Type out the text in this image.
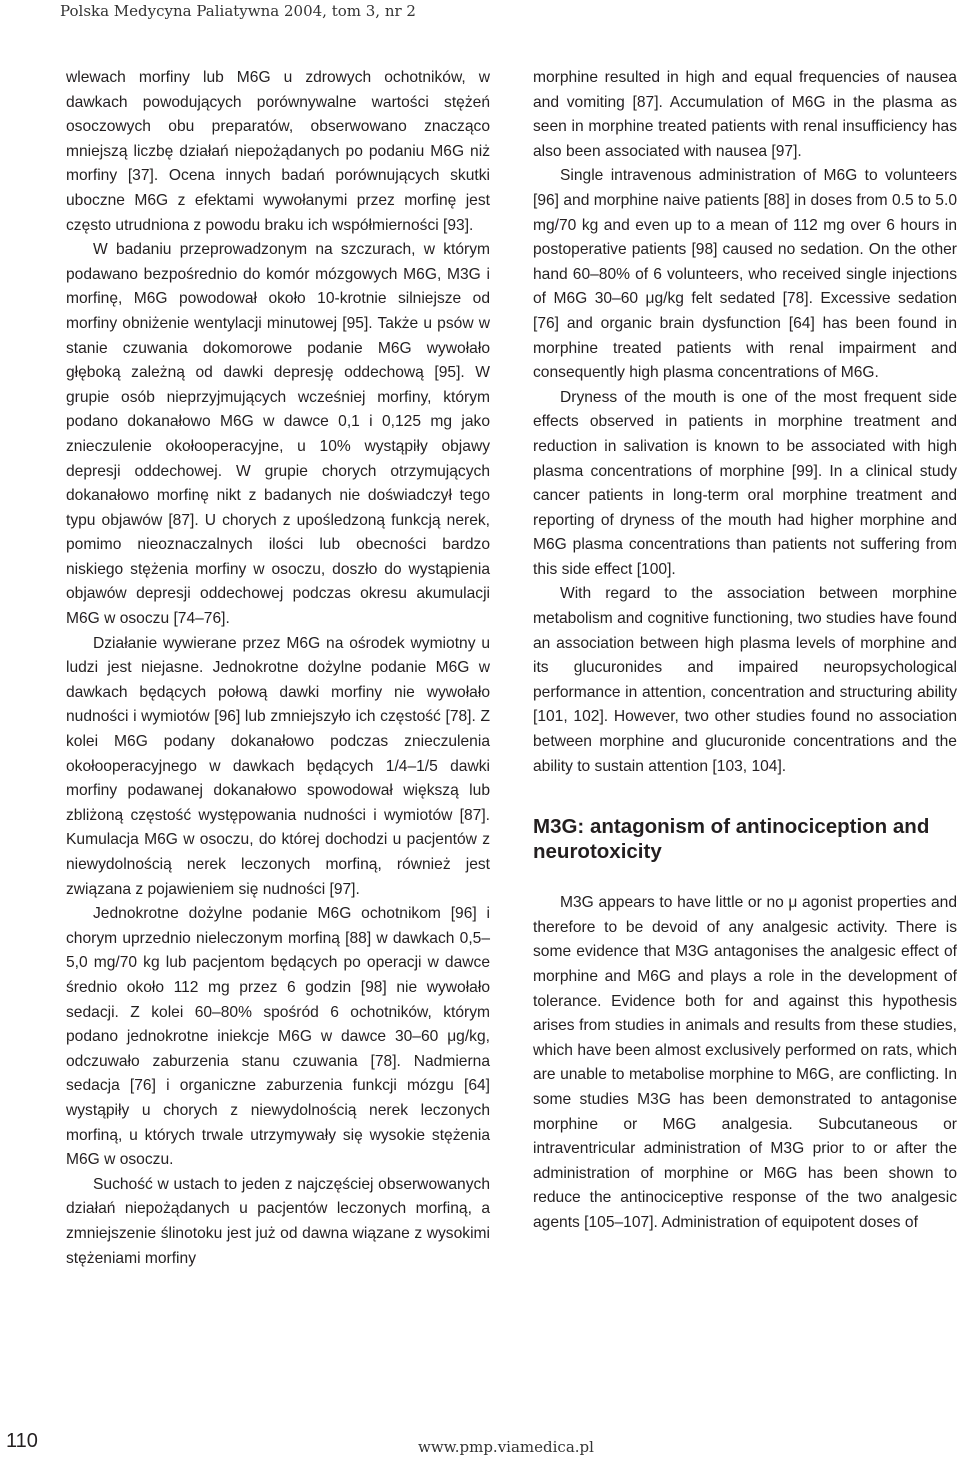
Polska Medycyna Paliatywna 2004, tom 3, nr 2

wlewach morfiny lub M6G u zdrowych ochotników, w dawkach powodujących porównywalne wartości stężeń osoczowych obu preparatów, obserwowano znacząco mniejszą liczbę działań niepożądanych po podaniu M6G niż morfiny [37]. Ocena innych badań porównujących skutki uboczne M6G z efektami wywołanymi przez morfinę jest często utrudniona z powodu braku ich współmierności [93].

W badaniu przeprowadzonym na szczurach, w którym podawano bezpośrednio do komór mózgowych M6G, M3G i morfinę, M6G powodował około 10-krotnie silniejsze od morfiny obniżenie wentylacji minutowej [95]. Także u psów w stanie czuwania dokomorowe podanie M6G wywołało głęboką zależną od dawki depresję oddechową [95]. W grupie osób nieprzyjmujących wcześniej morfiny, którym podano dokanałowo M6G w dawce 0,1 i 0,125 mg jako znieczulenie okołooperacyjne, u 10% wystąpiły objawy depresji oddechowej. W grupie chorych otrzymujących dokanałowo morfinę nikt z badanych nie doświadczył tego typu objawów [87]. U chorych z upośledzoną funkcją nerek, pomimo nieoznaczalnych ilości lub obecności bardzo niskiego stężenia morfiny w osoczu, doszło do wystąpienia objawów depresji oddechowej podczas okresu akumulacji M6G w osoczu [74–76].

Działanie wywierane przez M6G na ośrodek wymiotny u ludzi jest niejasne. Jednokrotne dożylne podanie M6G w dawkach będących połową dawki morfiny nie wywołało nudności i wymiotów [96] lub zmniejszyło ich częstość [78]. Z kolei M6G podany dokanałowo podczas znieczulenia okołooperacyjnego w dawkach będących 1/4–1/5 dawki morfiny podawanej dokanałowo spowodował większą lub zbliżoną częstość występowania nudności i wymiotów [87]. Kumulacja M6G w osoczu, do której dochodzi u pacjentów z niewydolnością nerek leczonych morfiną, również jest związana z pojawieniem się nudności [97].

Jednokrotne dożylne podanie M6G ochotnikom [96] i chorym uprzednio nieleczonym morfiną [88] w dawkach 0,5–5,0 mg/70 kg lub pacjentom będących po operacji w dawce średnio około 112 mg przez 6 godzin [98] nie wywołało sedacji. Z kolei 60–80% spośród 6 ochotników, którym podano jednokrotne iniekcje M6G w dawce 30–60 μg/kg, odczuwało zaburzenia stanu czuwania [78]. Nadmierna sedacja [76] i organiczne zaburzenia funkcji mózgu [64] wystąpiły u chorych z niewydolnością nerek leczonych morfiną, u których trwale utrzymywały się wysokie stężenia M6G w osoczu.

Suchość w ustach to jeden z najczęściej obserwowanych działań niepożądanych u pacjentów leczonych morfiną, a zmniejszenie ślinotoku jest już od dawna wiązane z wysokimi stężeniami morfiny

morphine resulted in high and equal frequencies of nausea and vomiting [87]. Accumulation of M6G in the plasma as seen in morphine treated patients with renal insufficiency has also been associated with nausea [97].

Single intravenous administration of M6G to volunteers [96] and morphine naive patients [88] in doses from 0.5 to 5.0 mg/70 kg and even up to a mean of 112 mg over 6 hours in postoperative patients [98] caused no sedation. On the other hand 60–80% of 6 volunteers, who received single injections of M6G 30–60 μg/kg felt sedated [78]. Excessive sedation [76] and organic brain dysfunction [64] has been found in morphine treated patients with renal impairment and consequently high plasma concentrations of M6G.

Dryness of the mouth is one of the most frequent side effects observed in patients in morphine treatment and reduction in salivation is known to be associated with high plasma concentrations of morphine [99]. In a clinical study cancer patients in long-term oral morphine treatment and reporting of dryness of the mouth had higher morphine and M6G plasma concentrations than patients not suffering from this side effect [100].

With regard to the association between morphine metabolism and cognitive functioning, two studies have found an association between high plasma levels of morphine and its glucuronides and impaired neuropsychological performance in attention, concentration and structuring ability [101, 102]. However, two other studies found no association between morphine and glucuronide concentrations and the ability to sustain attention [103, 104].

M3G: antagonism of antinociception and neurotoxicity

M3G appears to have little or no μ agonist properties and therefore to be devoid of any analgesic activity. There is some evidence that M3G antagonises the analgesic effect of morphine and M6G and plays a role in the development of tolerance. Evidence both for and against this hypothesis arises from studies in animals and results from these studies, which have been almost exclusively performed on rats, which are unable to metabolise morphine to M6G, are conflicting. In some studies M3G has been demonstrated to antagonise morphine or M6G analgesia. Subcutaneous or intraventricular administration of M3G prior to or after the administration of morphine or M6G has been shown to reduce the antinociceptive response of the two analgesic agents [105–107]. Administration of equipotent doses of

110	www.pmp.viamedica.pl
